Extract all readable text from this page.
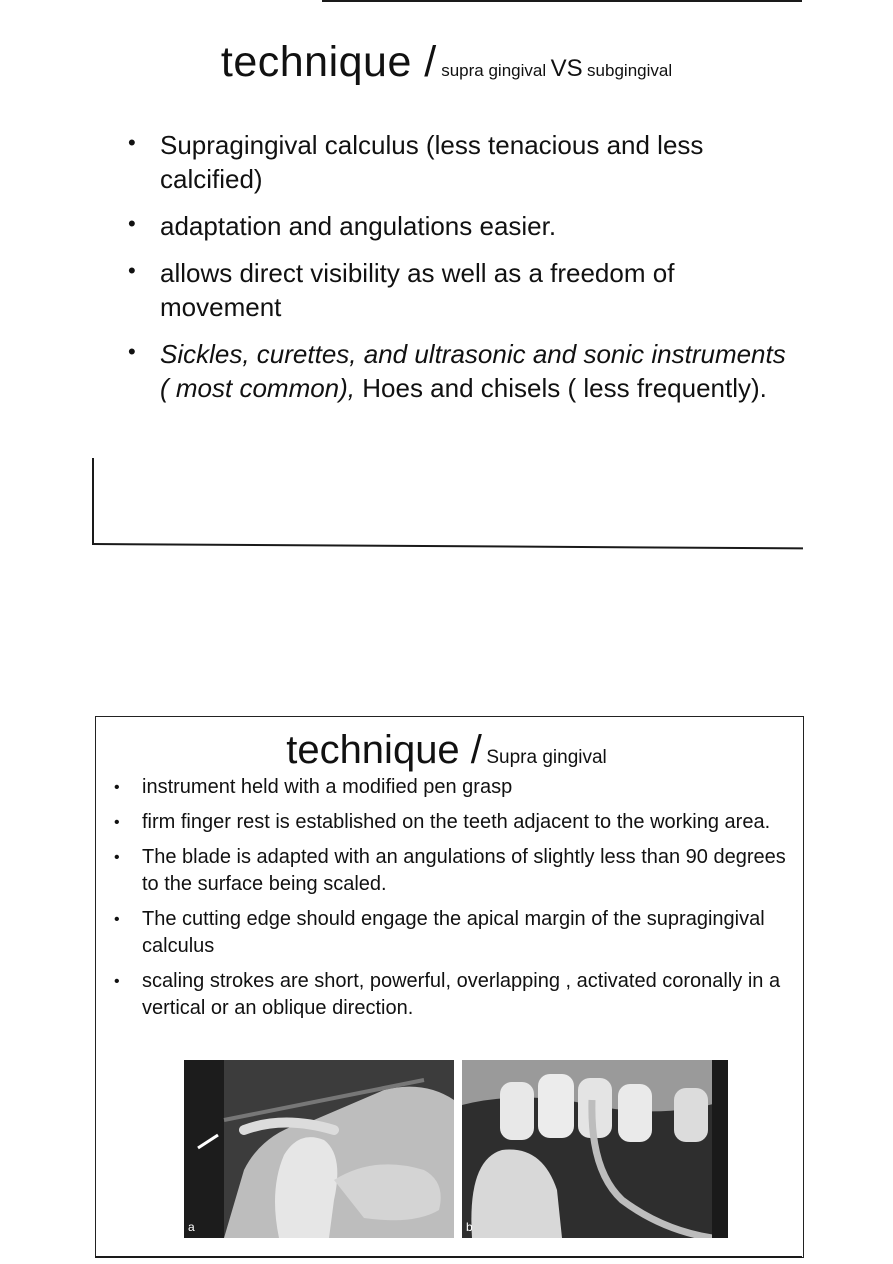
technique / supra gingival VS subgingival
• Supragingival calculus (less tenacious and less calcified)
• adaptation and angulations easier.
• allows direct visibility as well as a freedom of movement
• Sickles, curettes, and ultrasonic and sonic instruments ( most common), Hoes and chisels ( less frequently).
technique / Supra gingival
• instrument held with a modified pen grasp
• firm finger rest is established on the teeth adjacent to the working area.
• The blade is adapted with an angulations of slightly less than 90 degrees to the surface being scaled.
• The cutting edge should engage the apical margin of the supragingival calculus
• scaling strokes are short, powerful, overlapping , activated coronally in a vertical or an oblique direction.
a	b
